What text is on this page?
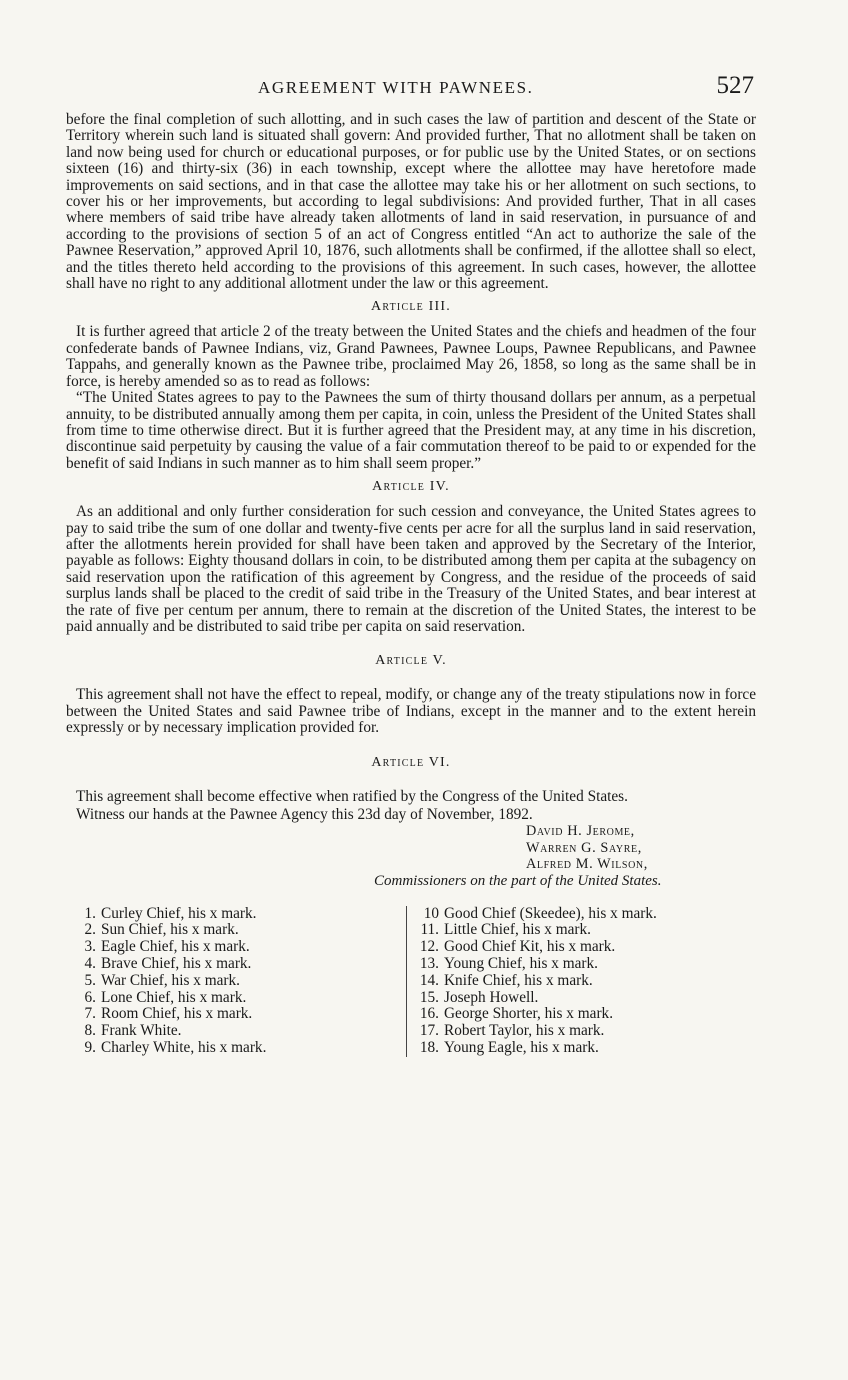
AGREEMENT WITH PAWNEES.	527

before the final completion of such allotting, and in such cases the law of partition and descent of the State or Territory wherein such land is situated shall govern: And provided further, That no allotment shall be taken on land now being used for church or educational purposes, or for public use by the United States, or on sections sixteen (16) and thirty-six (36) in each township, except where the allottee may have heretofore made improvements on said sections, and in that case the allottee may take his or her allotment on such sections, to cover his or her improvements, but according to legal subdivisions: And provided further, That in all cases where members of said tribe have already taken allotments of land in said reservation, in pursuance of and according to the provisions of section 5 of an act of Congress entitled “An act to authorize the sale of the Pawnee Reservation,” approved April 10, 1876, such allotments shall be confirmed, if the allottee shall so elect, and the titles thereto held according to the provisions of this agreement. In such cases, however, the allottee shall have no right to any additional allotment under the law or this agreement.

Article III.

It is further agreed that article 2 of the treaty between the United States and the chiefs and headmen of the four confederate bands of Pawnee Indians, viz, Grand Pawnees, Pawnee Loups, Pawnee Republicans, and Pawnee Tappahs, and generally known as the Pawnee tribe, proclaimed May 26, 1858, so long as the same shall be in force, is hereby amended so as to read as follows:

“The United States agrees to pay to the Pawnees the sum of thirty thousand dollars per annum, as a perpetual annuity, to be distributed annually among them per capita, in coin, unless the President of the United States shall from time to time otherwise direct. But it is further agreed that the President may, at any time in his discretion, discontinue said perpetuity by causing the value of a fair commutation thereof to be paid to or expended for the benefit of said Indians in such manner as to him shall seem proper.”

Article IV.

As an additional and only further consideration for such cession and conveyance, the United States agrees to pay to said tribe the sum of one dollar and twenty-five cents per acre for all the surplus land in said reservation, after the allotments herein provided for shall have been taken and approved by the Secretary of the Interior, payable as follows: Eighty thousand dollars in coin, to be distributed among them per capita at the subagency on said reservation upon the ratification of this agreement by Congress, and the residue of the proceeds of said surplus lands shall be placed to the credit of said tribe in the Treasury of the United States, and bear interest at the rate of five per centum per annum, there to remain at the discretion of the United States, the interest to be paid annually and be distributed to said tribe per capita on said reservation.

Article V.

This agreement shall not have the effect to repeal, modify, or change any of the treaty stipulations now in force between the United States and said Pawnee tribe of Indians, except in the manner and to the extent herein expressly or by necessary implication provided for.

Article VI.

This agreement shall become effective when ratified by the Congress of the United States.

Witness our hands at the Pawnee Agency this 23d day of November, 1892.

David H. Jerome,
Warren G. Sayre,
Alfred M. Wilson,
Commissioners on the part of the United States.
1. Curley Chief, his x mark.
2. Sun Chief, his x mark.
3. Eagle Chief, his x mark.
4. Brave Chief, his x mark.
5. War Chief, his x mark.
6. Lone Chief, his x mark.
7. Room Chief, his x mark.
8. Frank White.
9. Charley White, his x mark.
10 Good Chief (Skeedee), his x mark.
11. Little Chief, his x mark.
12. Good Chief Kit, his x mark.
13. Young Chief, his x mark.
14. Knife Chief, his x mark.
15. Joseph Howell.
16. George Shorter, his x mark.
17. Robert Taylor, his x mark.
18. Young Eagle, his x mark.
